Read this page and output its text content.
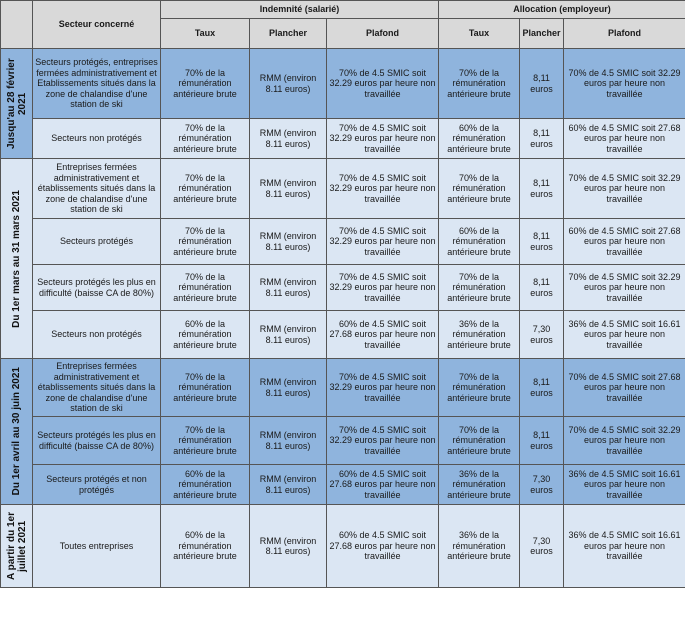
	Secteur concerné	Indemnité (salarié)			Allocation (employeur)		
		Taux	Plancher	Plafond	Taux	Plancher	Plafond

Jusqu'au 28 février 2021	Secteurs protégés, entreprises fermées administrativement et Etablissements situés dans la zone de chalandise d'une station de ski	70% de la rémunération antérieure brute	RMM (environ 8.11 euros)	70% de 4.5 SMIC soit 32.29 euros par heure non travaillée	70% de la rémunération antérieure brute	8,11 euros	70% de 4.5 SMIC soit 32.29 euros par heure non travaillée
	Secteurs non protégés	70% de la rémunération antérieure brute	RMM (environ 8.11 euros)	70% de 4.5 SMIC soit 32.29 euros par heure non travaillée	60% de la rémunération antérieure brute	8,11 euros	60% de 4.5 SMIC soit 27.68 euros par heure non travaillée

Du 1er mars au 31 mars 2021	Entreprises fermées administrativement et établissements situés dans la zone de chalandise d'une station de ski	70% de la rémunération antérieure brute	RMM (environ 8.11 euros)	70% de 4.5 SMIC soit 32.29 euros par heure non travaillée	70% de la rémunération antérieure brute	8,11 euros	70% de 4.5 SMIC soit 32.29 euros par heure non travaillée
	Secteurs protégés	70% de la rémunération antérieure brute	RMM (environ 8.11 euros)	70% de 4.5 SMIC soit 32.29 euros par heure non travaillée	60% de la rémunération antérieure brute	8,11 euros	60% de 4.5 SMIC soit 27.68 euros par heure non travaillée
	Secteurs protégés les plus en difficulté (baisse CA de 80%)	70% de la rémunération antérieure brute	RMM (environ 8.11 euros)	70% de 4.5 SMIC soit 32.29 euros par heure non travaillée	70% de la rémunération antérieure brute	8,11 euros	70% de 4.5 SMIC soit 32.29 euros par heure non travaillée
	Secteurs non protégés	60% de la rémunération antérieure brute	RMM (environ 8.11 euros)	60% de 4.5 SMIC soit 27.68 euros par heure non travaillée	36% de la rémunération antérieure brute	7,30 euros	36% de 4.5 SMIC soit 16.61 euros par heure non travaillée

Du 1er avril au 30 juin 2021	Entreprises fermées administrativement et établissements situés dans la zone de chalandise d'une station de ski	70% de la rémunération antérieure brute	RMM (environ 8.11 euros)	70% de 4.5 SMIC soit 32.29 euros par heure non travaillée	70% de la rémunération antérieure brute	8,11 euros	70% de 4.5 SMIC soit 27.68 euros par heure non travaillée
	Secteurs protégés les plus en difficulté (baisse CA de 80%)	70% de la rémunération antérieure brute	RMM (environ 8.11 euros)	70% de 4.5 SMIC soit 32.29 euros par heure non travaillée	70% de la rémunération antérieure brute	8,11 euros	70% de 4.5 SMIC soit 32.29 euros par heure non travaillée
	Secteurs protégés et non protégés	60% de la rémunération antérieure brute	RMM (environ 8.11 euros)	60% de 4.5 SMIC soit 27.68 euros par heure non travaillée	36% de la rémunération antérieure brute	7,30 euros	36% de 4.5 SMIC soit 16.61 euros par heure non travaillée

A partir du 1er juillet 2021	Toutes entreprises	60% de la rémunération antérieure brute	RMM (environ 8.11 euros)	60% de 4.5 SMIC soit 27.68 euros par heure non travaillée	36% de la rémunération antérieure brute	7,30 euros	36% de 4.5 SMIC soit 16.61 euros par heure non travaillée
